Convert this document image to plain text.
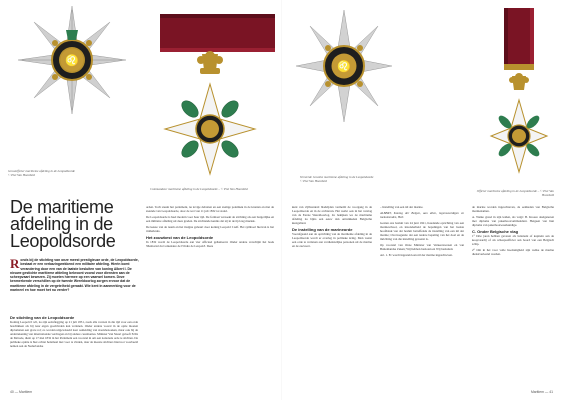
♌
Grootofficier maritieme afdeling in de Leopoldsorde
© Piet Van Hoordeld
Commandeur maritieme afdeling in de Leopoldsorde – © Piet Van Hoordeld
De maritieme afdeling in de Leopoldsorde
R onds bij de stichting van onze meest prestigieuze orde, de Leopoldsorde, bestaat er een verbazingwekkend een militaire afdeling. Hierin komt verandering door een van de laatste besluiten van koning Albert I. De nieuwe gestichte maritieme afdeling bekroont vooral voor diensten aan de scheepvaart bewezen. Zij moeten hiermee op een vaarwel komen. Deze kenmerkende verschillen op de tweede Wereldoorlog zorgen ervoor dat de maritieme afdeling in de vergetelheid geraakt. Wie kent in aanmerking voor de marineel en hoe moet het nu verder?
De stichting van de Leopoldsorde

Koning Leopold I wil, na zijn eedaflegging op 21 juli 1831, zoals alle vorsten in die tijd voor een orde beschikken als hij naar eigen goedvinden kan verlenen. Onder andere vooral in de optie moeten diplomaten een grote rol; zo worden uitgewisseld naar aanleiding van staatsbezoeken, maar ook bij de ondertekening van internationale verdragen en bij andere ceremonies. Minister Van Stuart gelooft Félix de Mérode, dient op 17 mei 1832 in het Parlement een voorstel in om een nationale orde te stichten. De publieke opinie is hier echter helemaal niet voor te vinden, daar de meeste stichters hiervoor voorbeeld nemen aan de Nederlandse

orden. Toch steunt het parlement, na lovige debatten en een stemge polemiek in de kranten en met de steunde van Leopoldsorde, door de wet van 11 juli 1832 tot stand.

De Leopoldsorde is heel modern voor haar tijd. De formaat verzoekt de stichting als een burgerlijke en een militaire afdeling uit deze graden. De stichtende kennis dat zij in de tijd zeg muziek.

De keuze van de naam en het insigne gebeurt door koning Leopold I zelf. Het symbool hiervan is het ridderkruis.

Het zouwbest van de Leopoldsorde

In 1832 wordt de Leopoldsorde aan vier officieel gehanteerd. Onder andere verschijnt het boek 'Memorial du Centenaire de l'Ordre de Léopold'. Deze

40 — Maritiem
♌
Versierde Groothe maritieme afdeling in de Leopoldsorde
© Piet Van Hoordeld
Officier maritieme afdeling in de Leopoldsorde – © Piet Van Hoordeld

kunt van vijfhonderd bladzijden vermeldt de voorgang in de Leopoldsorde en in de archieven. Het werkt ook in het verslag van de Eerste Wereldoorlog. Zo bekijken we de maritieme afdeling na bijna een eeuw dan ontwikkelen Belgische kustgebied.

De instelling van de marineorde

Voorafgaand aan de oprichting van de maritieme afdeling in de Leopoldsorde wordt er overleg in politieke kring. Men wenst een orde te verlenen aan verdienstelijke personen uit de marine en de zeevaart.

– Instelling van een nil der marine.

ALBERT, Koning der Belgen, aan allen, tegenwoordigen en toekomenden, Heil.

Gezien ons besluit van 24 juni 1921, houdende oprichting van een marineschool, en inzonderheid de bepalingen van het laatste hoofdstuk van dat besluit betreffende de instelling van een nil der marine; Overwegende dat een nadere bepaling van het doel en de inrichting van die instelling gewenst is.

Op voorstel van Onze Minister van Verkeerswezen en van Buitenlandse Zaken; Wij hebben besloten en Wij besluiten:

Art. 1. Er wordt ingesteld een nil der marine ingeschreven.

de marine worden ingeschreven, de eenheden van Belgische marinenamen.

A. Weike graad in zijn leiden, als volgt: B. Kroeze deelgenoten met diploma van paketbootcommandant. Hetgeen van hun diploma van paketbootweerkundige.

C. Onder Belgische vlag

1° Drie jaren hebben gevaren als luitenant of kapitein aan de koopvaardij of als scheepsofficier aan boord van een Belgisch schip.

2° Om in het voor volle hoedanigheid zijn welke de marine dienstverleend worden.

Maritiem — 41
